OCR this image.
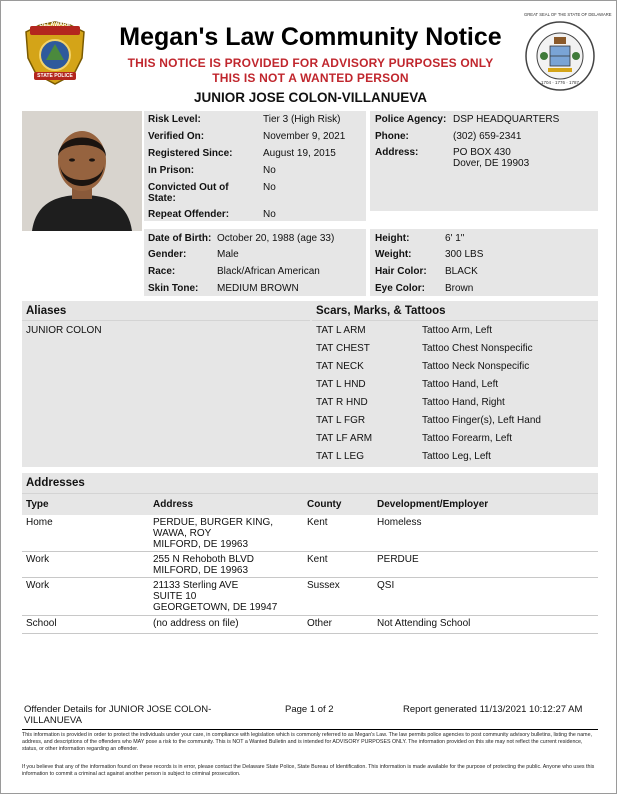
DELAWARE
STATE POLICE
1704 · 1776 · 1787
GREAT SEAL OF THE STATE OF DELAWARE
Megan's Law Community Notice
THIS NOTICE IS PROVIDED FOR ADVISORY PURPOSES ONLY
THIS IS NOT A WANTED PERSON
JUNIOR JOSE COLON-VILLANUEVA
Risk Level:	Tier 3 (High Risk)
Verified On:	November 9, 2021
Registered Since:	August 19, 2015
In Prison:	No
Convicted Out of State:
No
Repeat Offender:	No
Police Agency: DSP HEADQUARTERS
Phone:	(302) 659-2341
Address:	PO BOX 430
Dover, DE 19903
Date of Birth: October 20, 1988 (age 33)
Gender:	Male
Race:	Black/African American
Skin Tone: MEDIUM BROWN
Height:	6' 1"
Weight:	300 LBS
Hair Color: BLACK
Eye Color: Brown
Aliases
JUNIOR COLON
Scars, Marks, & Tattoos
TAT L ARM	Tattoo Arm, Left
TAT CHEST	Tattoo Chest Nonspecific
TAT NECK	Tattoo Neck Nonspecific
TAT L HND	Tattoo Hand, Left
TAT R HND	Tattoo Hand, Right
TAT L FGR	Tattoo Finger(s), Left Hand
TAT LF ARM	Tattoo Forearm, Left
TAT L LEG	Tattoo Leg, Left
Addresses
Type	Address	County	Development/Employer
Home	PERDUE, BURGER KING,
WAWA, ROY
MILFORD, DE 19963
Kent	Homeless
Work	255 N Rehoboth BLVD
MILFORD, DE 19963
Kent	PERDUE
Work	21133 Sterling AVE
SUITE 10
GEORGETOWN, DE 19947
Sussex	QSI
School	(no address on file)	Other	Not Attending School
Offender Details for JUNIOR JOSE COLON-
VILLANUEVA
Page 1 of 2	Report generated 11/13/2021 10:12:27 AM
This information is provided in order to protect the individuals under your care, in compliance with legislation which is commonly referred to as Megan's Law. The law permits police agencies to post community advisory bulletins, listing the name, address, and descriptions of the offenders who MAY pose a risk to the community. This is NOT a Wanted Bulletin and is intended for ADVISORY PURPOSES ONLY. The information provided on this site may not reflect the current residence, status, or other information regarding an offender.
If you believe that any of the information found on these records is in error, please contact the Delaware State Police, State Bureau of Identification. This information is made available for the purpose of protecting the public. Anyone who uses this information to commit a criminal act against another person is subject to criminal prosecution.
